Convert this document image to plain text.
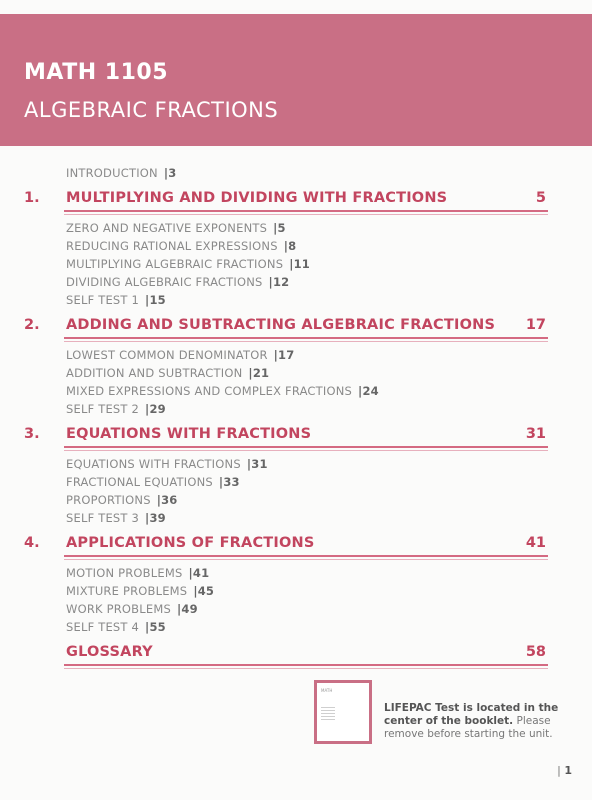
MATH 1105
ALGEBRAIC FRACTIONS
INTRODUCTION |3
1. MULTIPLYING AND DIVIDING WITH FRACTIONS	5
ZERO AND NEGATIVE EXPONENTS |5
REDUCING RATIONAL EXPRESSIONS |8
MULTIPLYING ALGEBRAIC FRACTIONS |11
DIVIDING ALGEBRAIC FRACTIONS |12
SELF TEST 1 |15
2. ADDING AND SUBTRACTING ALGEBRAIC FRACTIONS 17
LOWEST COMMON DENOMINATOR |17
ADDITION AND SUBTRACTION |21
MIXED EXPRESSIONS AND COMPLEX FRACTIONS |24
SELF TEST 2 |29
3. EQUATIONS WITH FRACTIONS	31
EQUATIONS WITH FRACTIONS |31
FRACTIONAL EQUATIONS |33
PROPORTIONS |36
SELF TEST 3 |39
4. APPLICATIONS OF FRACTIONS	41
MOTION PROBLEMS |41
MIXTURE PROBLEMS |45
WORK PROBLEMS |49
SELF TEST 4 |55
GLOSSARY	58
MATH
LIFEPAC Test is located in the center of the booklet. Please remove before starting the unit.
| 1
